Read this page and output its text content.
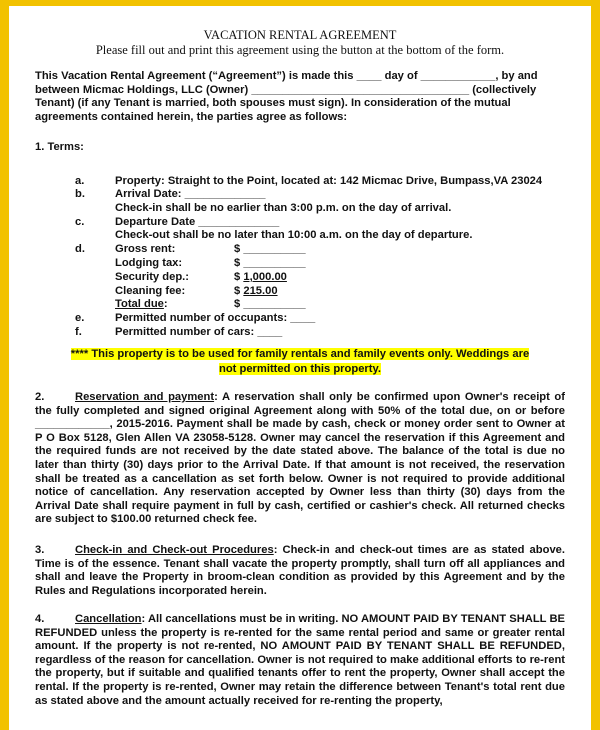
VACATION RENTAL AGREEMENT
Please fill out and print this agreement using the button at the bottom of the form.
This Vacation Rental Agreement (“Agreement”) is made this ____ day of ____________, by and between Micmac Holdings, LLC (Owner) ___________________________________ (collectively Tenant) (if any Tenant is married, both spouses must sign). In consideration of the mutual agreements contained herein, the parties agree as follows:
1. Terms:
a.	Property: Straight to the Point, located at: 142 Micmac Drive, Bumpass,VA 23024
b.	Arrival Date: _____________
Check-in shall be no earlier than 3:00 p.m. on the day of arrival.
c.	Departure Date _____________
Check-out shall be no later than 10:00 a.m. on the day of departure.
d.	Gross rent:	$ __________
Lodging tax:	$ __________
Security dep.:	$ 1,000.00
Cleaning fee:	$ 215.00
Total due:	$ __________
e.	Permitted number of occupants: ____
f.	Permitted number of cars: ____
**** This property is to be used for family rentals and family events only. Weddings are
not permitted on this property.
2.	Reservation and payment: A reservation shall only be confirmed upon Owner's receipt of the fully completed and signed original Agreement along with 50% of the total due, on or before ____________, 2015-2016. Payment shall be made by cash, check or money order sent to Owner at P O Box 5128, Glen Allen VA 23058-5128. Owner may cancel the reservation if this Agreement and the required funds are not received by the date stated above. The balance of the total is due no later than thirty (30) days prior to the Arrival Date. If that amount is not received, the reservation shall be treated as a cancellation as set forth below. Owner is not required to provide additional notice of cancellation. Any reservation accepted by Owner less than thirty (30) days from the Arrival Date shall require payment in full by cash, certified or cashier's check. All returned checks are subject to $100.00 returned check fee.
3.	Check-in and Check-out Procedures: Check-in and check-out times are as stated above. Time is of the essence. Tenant shall vacate the property promptly, shall turn off all appliances and shall and leave the Property in broom-clean condition as provided by this Agreement and by the Rules and Regulations incorporated herein.
4.	Cancellation: All cancellations must be in writing. NO AMOUNT PAID BY TENANT SHALL BE REFUNDED unless the property is re-rented for the same rental period and same or greater rental amount. If the property is not re-rented, NO AMOUNT PAID BY TENANT SHALL BE REFUNDED, regardless of the reason for cancellation. Owner is not required to make additional efforts to re-rent the property, but if suitable and qualified tenants offer to rent the property, Owner shall accept the rental. If the property is re-rented, Owner may retain the difference between Tenant's total rent due as stated above and the amount actually received for re-renting the property,
